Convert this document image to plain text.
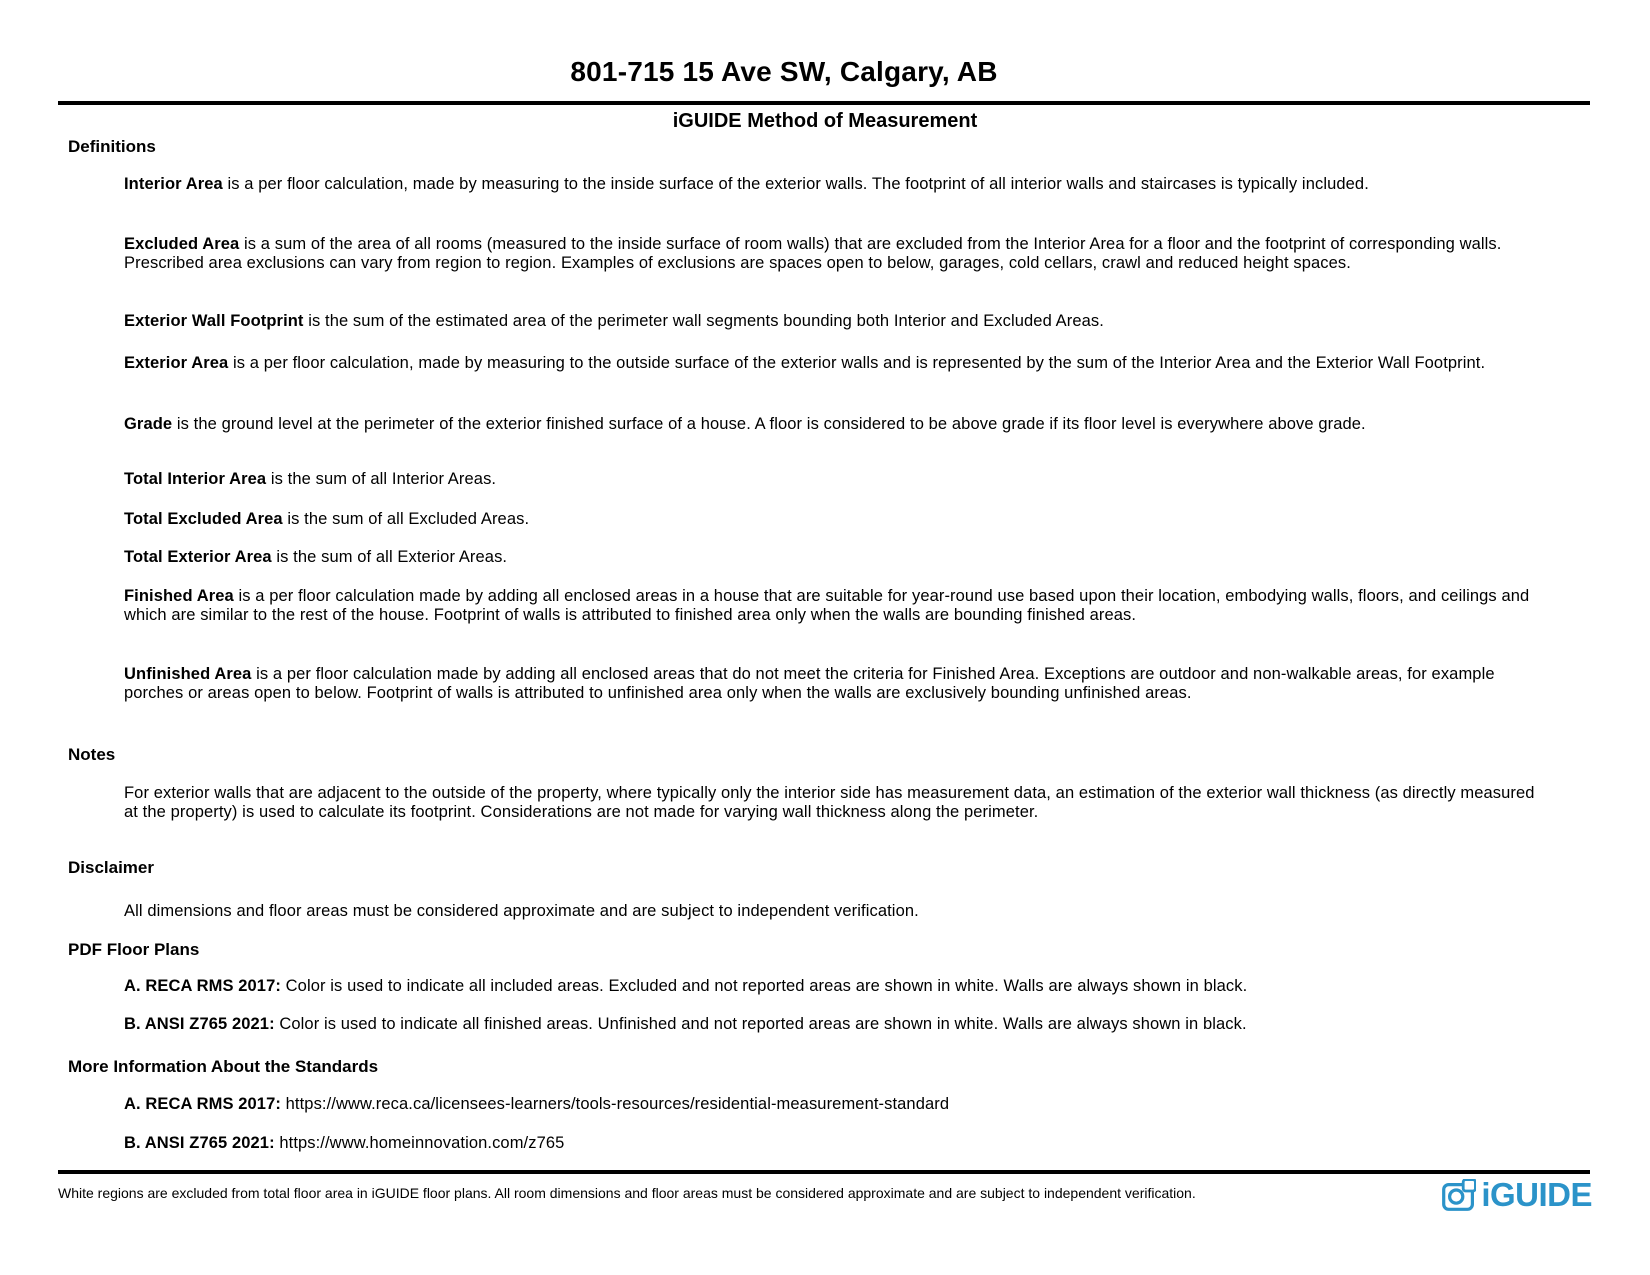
801-715 15 Ave SW, Calgary, AB
iGUIDE Method of Measurement
Definitions

Interior Area is a per floor calculation, made by measuring to the inside surface of the exterior walls. The footprint of all interior walls and staircases is typically included.

Excluded Area is a sum of the area of all rooms (measured to the inside surface of room walls) that are excluded from the Interior Area for a floor and the footprint of corresponding walls. Prescribed area exclusions can vary from region to region. Examples of exclusions are spaces open to below, garages, cold cellars, crawl and reduced height spaces.

Exterior Wall Footprint is the sum of the estimated area of the perimeter wall segments bounding both Interior and Excluded Areas.

Exterior Area is a per floor calculation, made by measuring to the outside surface of the exterior walls and is represented by the sum of the Interior Area and the Exterior Wall Footprint.

Grade is the ground level at the perimeter of the exterior finished surface of a house. A floor is considered to be above grade if its floor level is everywhere above grade.

Total Interior Area is the sum of all Interior Areas.

Total Excluded Area is the sum of all Excluded Areas.

Total Exterior Area is the sum of all Exterior Areas.

Finished Area is a per floor calculation made by adding all enclosed areas in a house that are suitable for year-round use based upon their location, embodying walls, floors, and ceilings and which are similar to the rest of the house. Footprint of walls is attributed to finished area only when the walls are bounding finished areas.

Unfinished Area is a per floor calculation made by adding all enclosed areas that do not meet the criteria for Finished Area. Exceptions are outdoor and non-walkable areas, for example porches or areas open to below. Footprint of walls is attributed to unfinished area only when the walls are exclusively bounding unfinished areas.

Notes

For exterior walls that are adjacent to the outside of the property, where typically only the interior side has measurement data, an estimation of the exterior wall thickness (as directly measured at the property) is used to calculate its footprint. Considerations are not made for varying wall thickness along the perimeter.

Disclaimer

All dimensions and floor areas must be considered approximate and are subject to independent verification.

PDF Floor Plans

A. RECA RMS 2017: Color is used to indicate all included areas. Excluded and not reported areas are shown in white. Walls are always shown in black.

B. ANSI Z765 2021: Color is used to indicate all finished areas. Unfinished and not reported areas are shown in white. Walls are always shown in black.

More Information About the Standards

A. RECA RMS 2017: https://www.reca.ca/licensees-learners/tools-resources/residential-measurement-standard

B. ANSI Z765 2021: https://www.homeinnovation.com/z765

White regions are excluded from total floor area in iGUIDE floor plans. All room dimensions and floor areas must be considered approximate and are subject to independent verification.	iGUIDE
